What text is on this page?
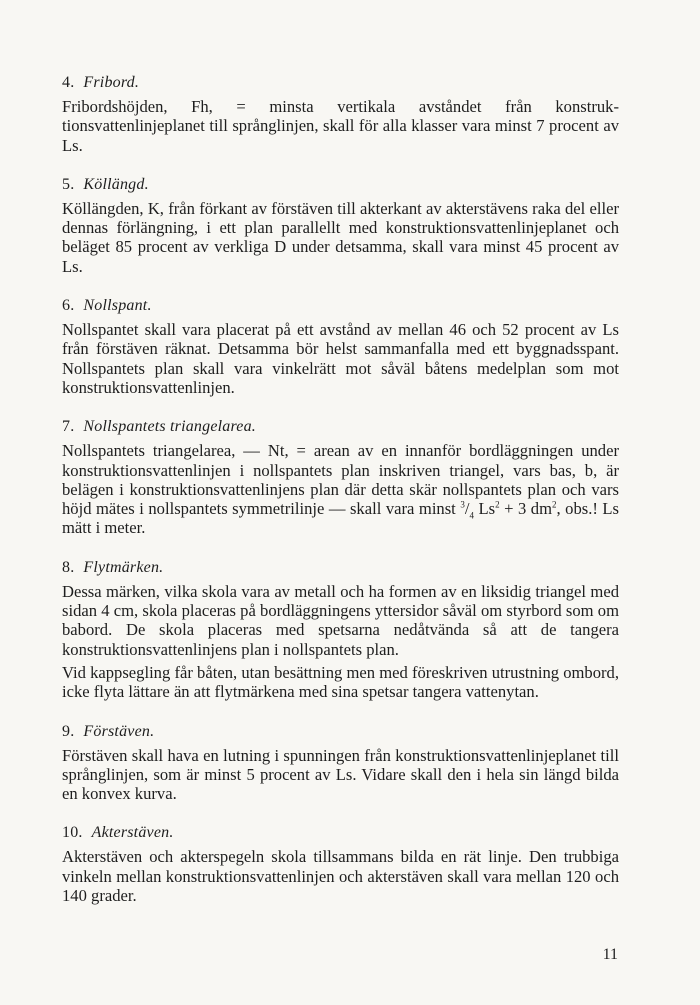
4. Fribord.

Fribordshöjden, Fh, = minsta vertikala avståndet från konstruktionsvattenlinjeplanet till språnglinjen, skall för alla klasser vara minst 7 procent av Ls.

5. Köllängd.

Köllängden, K, från förkant av förstäven till akterkant av akterstävens raka del eller dennas förlängning, i ett plan parallellt med konstruktionsvattenlinjeplanet och beläget 85 procent av verkliga D under detsamma, skall vara minst 45 procent av Ls.

6. Nollspant.

Nollspantet skall vara placerat på ett avstånd av mellan 46 och 52 procent av Ls från förstäven räknat. Detsamma bör helst sammanfalla med ett byggnadsspant. Nollspantets plan skall vara vinkelrätt mot såväl båtens medelplan som mot konstruktionsvattenlinjen.

7. Nollspantets triangelarea.

Nollspantets triangelarea, — Nt, = arean av en innanför bordläggningen under konstruktionsvattenlinjen i nollspantets plan inskriven triangel, vars bas, b, är belägen i konstruktionsvattenlinjens plan där detta skär nollspantets plan och vars höjd mätes i nollspantets symmetrilinje — skall vara minst $^3/_4$ $Ls^2 + 3$ $dm^2$, obs.! Ls mätt i meter.

8. Flytmärken.

Dessa märken, vilka skola vara av metall och ha formen av en liksidig triangel med sidan 4 cm, skola placeras på bordläggningens yttersidor såväl om styrbord som om babord. De skola placeras med spetsarna nedåtvända så att de tangera konstruktionsvattenlinjens plan i nollspantets plan.

Vid kappsegling får båten, utan besättning men med föreskriven utrustning ombord, icke flyta lättare än att flytmärkena med sina spetsar tangera vattenytan.

9. Förstäven.

Förstäven skall hava en lutning i spunningen från konstruktionsvattenlinjeplanet till språnglinjen, som är minst 5 procent av Ls. Vidare skall den i hela sin längd bilda en konvex kurva.

10. Akterstäven.

Akterstäven och akterspegeln skola tillsammans bilda en rät linje. Den trubbiga vinkeln mellan konstruktionsvattenlinjen och akterstäven skall vara mellan 120 och 140 grader.

11
